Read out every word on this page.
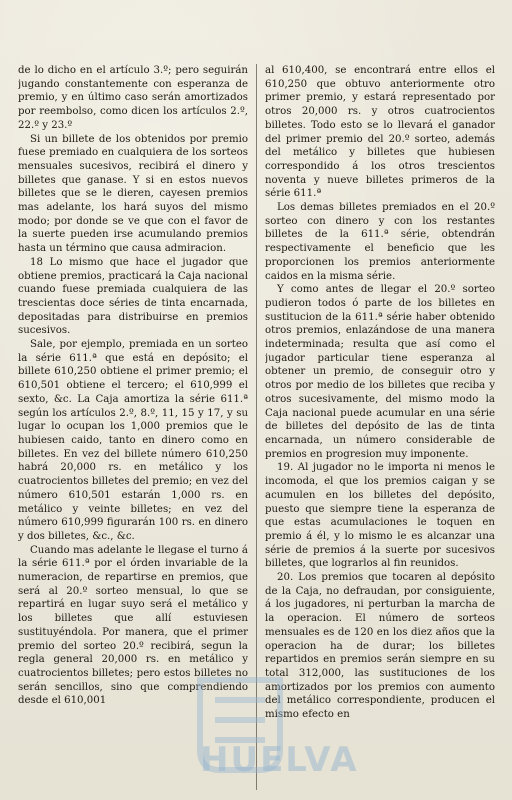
de lo dicho en el artículo 3.º; pero seguirán jugando constantemente con esperanza de premio, y en último caso serán amortizados por reembolso, como dicen los artículos 2.º, 22.º y 23.º

Si un billete de los obtenidos por premio fuese premiado en cualquiera de los sorteos mensuales sucesivos, recibirá el dinero y billetes que ganase. Y si en estos nuevos billetes que se le dieren, cayesen premios mas adelante, los hará suyos del mismo modo; por donde se ve que con el favor de la suerte pueden irse acumulando premios hasta un término que causa admiracion.

18 Lo mismo que hace el jugador que obtiene premios, practicará la Caja nacional cuando fuese premiada cualquiera de las trescientas doce séries de tinta encarnada, depositadas para distribuirse en premios sucesivos.

Sale, por ejemplo, premiada en un sorteo la série 611.ª que está en depósito; el billete 610,250 obtiene el primer premio; el 610,501 obtiene el tercero; el 610,999 el sexto, &c. La Caja amortiza la série 611.ª según los artículos 2.º, 8.º, 11, 15 y 17, y su lugar lo ocupan los 1,000 premios que le hubiesen caido, tanto en dinero como en billetes. En vez del billete número 610,250 habrá 20,000 rs. en metálico y los cuatrocientos billetes del premio; en vez del número 610,501 estarán 1,000 rs. en metálico y veinte billetes; en vez del número 610,999 figurarán 100 rs. en dinero y dos billetes, &c., &c.

Cuando mas adelante le llegase el turno á la série 611.ª por el órden invariable de la numeracion, de repartirse en premios, que será al 20.º sorteo mensual, lo que se repartirá en lugar suyo será el metálico y los billetes que allí estuviesen sustituyéndola. Por manera, que el primer premio del sorteo 20.º recibirá, segun la regla general 20,000 rs. en metálico y cuatrocientos billetes; pero estos billetes no serán sencillos, sino que comprendiendo desde el 610,001

al 610,400, se encontrará entre ellos el 610,250 que obtuvo anteriormente otro primer premio, y estará representado por otros 20,000 rs. y otros cuatrocientos billetes. Todo esto se lo llevará el ganador del primer premio del 20.º sorteo, además del metálico y billetes que hubiesen correspondido á los otros trescientos noventa y nueve billetes primeros de la série 611.ª

Los demas billetes premiados en el 20.º sorteo con dinero y con los restantes billetes de la 611.ª série, obtendrán respectivamente el beneficio que les proporcionen los premios anteriormente caidos en la misma série.

Y como antes de llegar el 20.º sorteo pudieron todos ó parte de los billetes en sustitucion de la 611.ª série haber obtenido otros premios, enlazándose de una manera indeterminada; resulta que así como el jugador particular tiene esperanza al obtener un premio, de conseguir otro y otros por medio de los billetes que reciba y otros sucesivamente, del mismo modo la Caja nacional puede acumular en una série de billetes del depósito de las de tinta encarnada, un número considerable de premios en progresion muy imponente.

19. Al jugador no le importa ni menos le incomoda, el que los premios caigan y se acumulen en los billetes del depósito, puesto que siempre tiene la esperanza de que estas acumulaciones le toquen en premio á él, y lo mismo le es alcanzar una série de premios á la suerte por sucesivos billetes, que lograrlos al fin reunidos.

20. Los premios que tocaren al depósito de la Caja, no defraudan, por consiguiente, á los jugadores, ni perturban la marcha de la operacion. El número de sorteos mensuales es de 120 en los diez años que la operacion ha de durar; los billetes repartidos en premios serán siempre en su total 312,000, las sustituciones de los amortizados por los premios con aumento del metálico correspondiente, producen el mismo efecto en

HUELVA
